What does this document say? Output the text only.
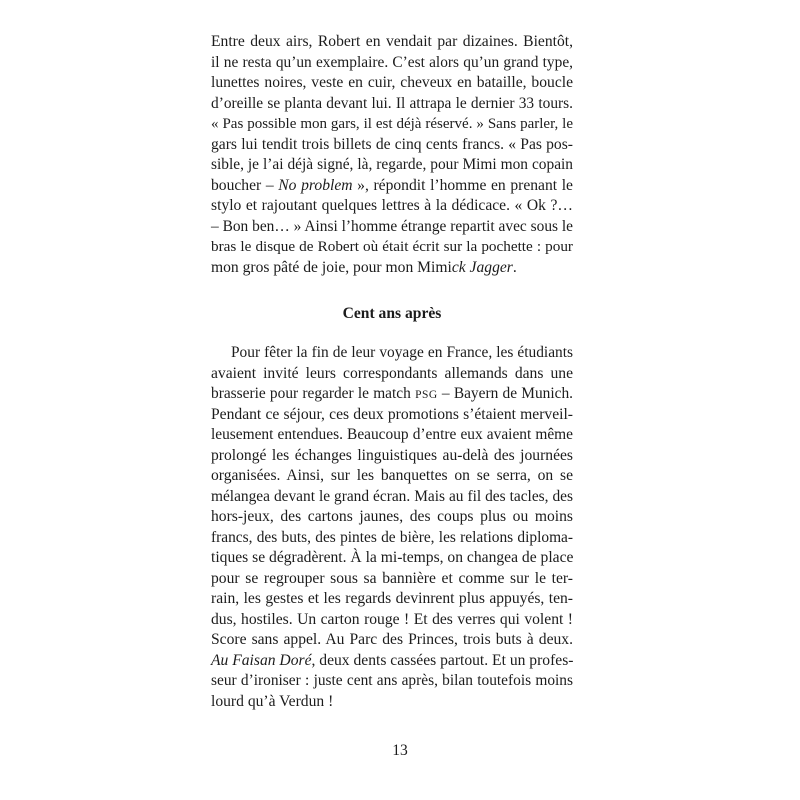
Entre deux airs, Robert en vendait par dizaines. Bientôt,
il ne resta qu’un exemplaire. C’est alors qu’un grand type,
lunettes noires, veste en cuir, cheveux en bataille, boucle
d’oreille se planta devant lui. Il attrapa le dernier 33 tours.
« Pas possible mon gars, il est déjà réservé. » Sans parler, le
gars lui tendit trois billets de cinq cents francs. « Pas pos-
sible, je l’ai déjà signé, là, regarde, pour Mimi mon copain
boucher – No problem », répondit l’homme en prenant le
stylo et rajoutant quelques lettres à la dédicace. « Ok ?…
– Bon ben… » Ainsi l’homme étrange repartit avec sous le
bras le disque de Robert où était écrit sur la pochette : pour
mon gros pâté de joie, pour mon Mimick Jagger.
Cent ans après
Pour fêter la fin de leur voyage en France, les étudiants
avaient invité leurs correspondants allemands dans une
brasserie pour regarder le match PSG – Bayern de Munich.
Pendant ce séjour, ces deux promotions s’étaient merveil-
leusement entendues. Beaucoup d’entre eux avaient même
prolongé les échanges linguistiques au-delà des journées
organisées. Ainsi, sur les banquettes on se serra, on se
mélangea devant le grand écran. Mais au fil des tacles, des
hors-jeux, des cartons jaunes, des coups plus ou moins
francs, des buts, des pintes de bière, les relations diploma-
tiques se dégradèrent. À la mi-temps, on changea de place
pour se regrouper sous sa bannière et comme sur le ter-
rain, les gestes et les regards devinrent plus appuyés, ten-
dus, hostiles. Un carton rouge ! Et des verres qui volent !
Score sans appel. Au Parc des Princes, trois buts à deux.
Au Faisan Doré, deux dents cassées partout. Et un profes-
seur d’ironiser : juste cent ans après, bilan toutefois moins
lourd qu’à Verdun !
13
